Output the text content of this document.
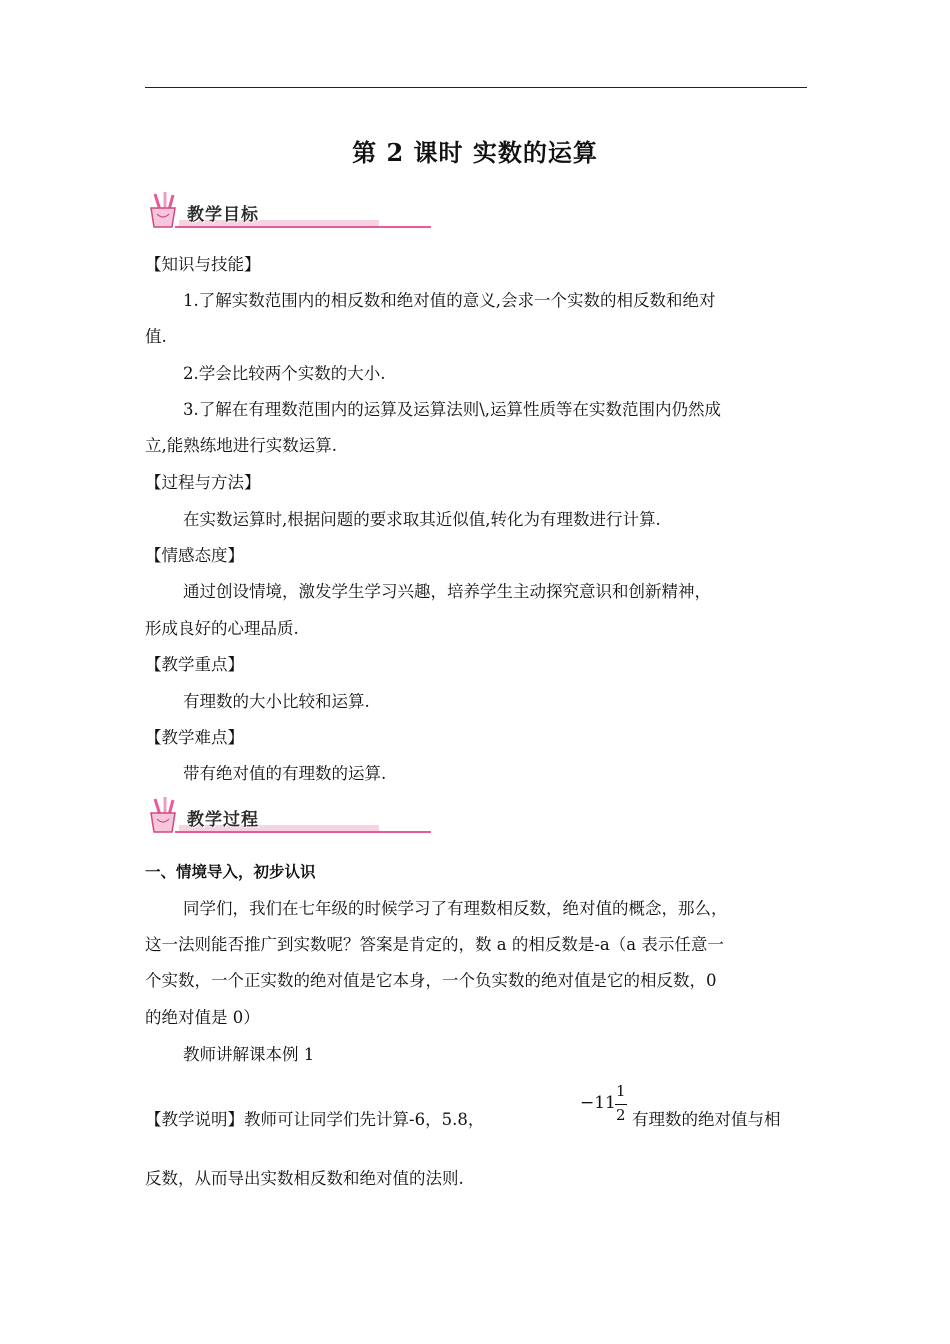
第 2 课时 实数的运算
教学目标
【知识与技能】
1.了解实数范围内的相反数和绝对值的意义,会求一个实数的相反数和绝对
值.
2.学会比较两个实数的大小.
3.了解在有理数范围内的运算及运算法则\,运算性质等在实数范围内仍然成
立,能熟练地进行实数运算.
【过程与方法】
在实数运算时,根据问题的要求取其近似值,转化为有理数进行计算.
【情感态度】
通过创设情境，激发学生学习兴趣，培养学生主动探究意识和创新精神，
形成良好的心理品质.
【教学重点】
有理数的大小比较和运算.
【教学难点】
带有绝对值的有理数的运算.
教学过程
一、情境导入，初步认识
同学们，我们在七年级的时候学习了有理数相反数，绝对值的概念，那么，
这一法则能否推广到实数呢？答案是肯定的，数 a 的相反数是-a（a 表示任意一
个实数，一个正实数的绝对值是它本身，一个负实数的绝对值是它的相反数，0
的绝对值是 0）
教师讲解课本例 1
【教学说明】教师可让同学们先计算-6，5.8，
−11
1
2 有理数的绝对值与相
反数，从而导出实数相反数和绝对值的法则.
